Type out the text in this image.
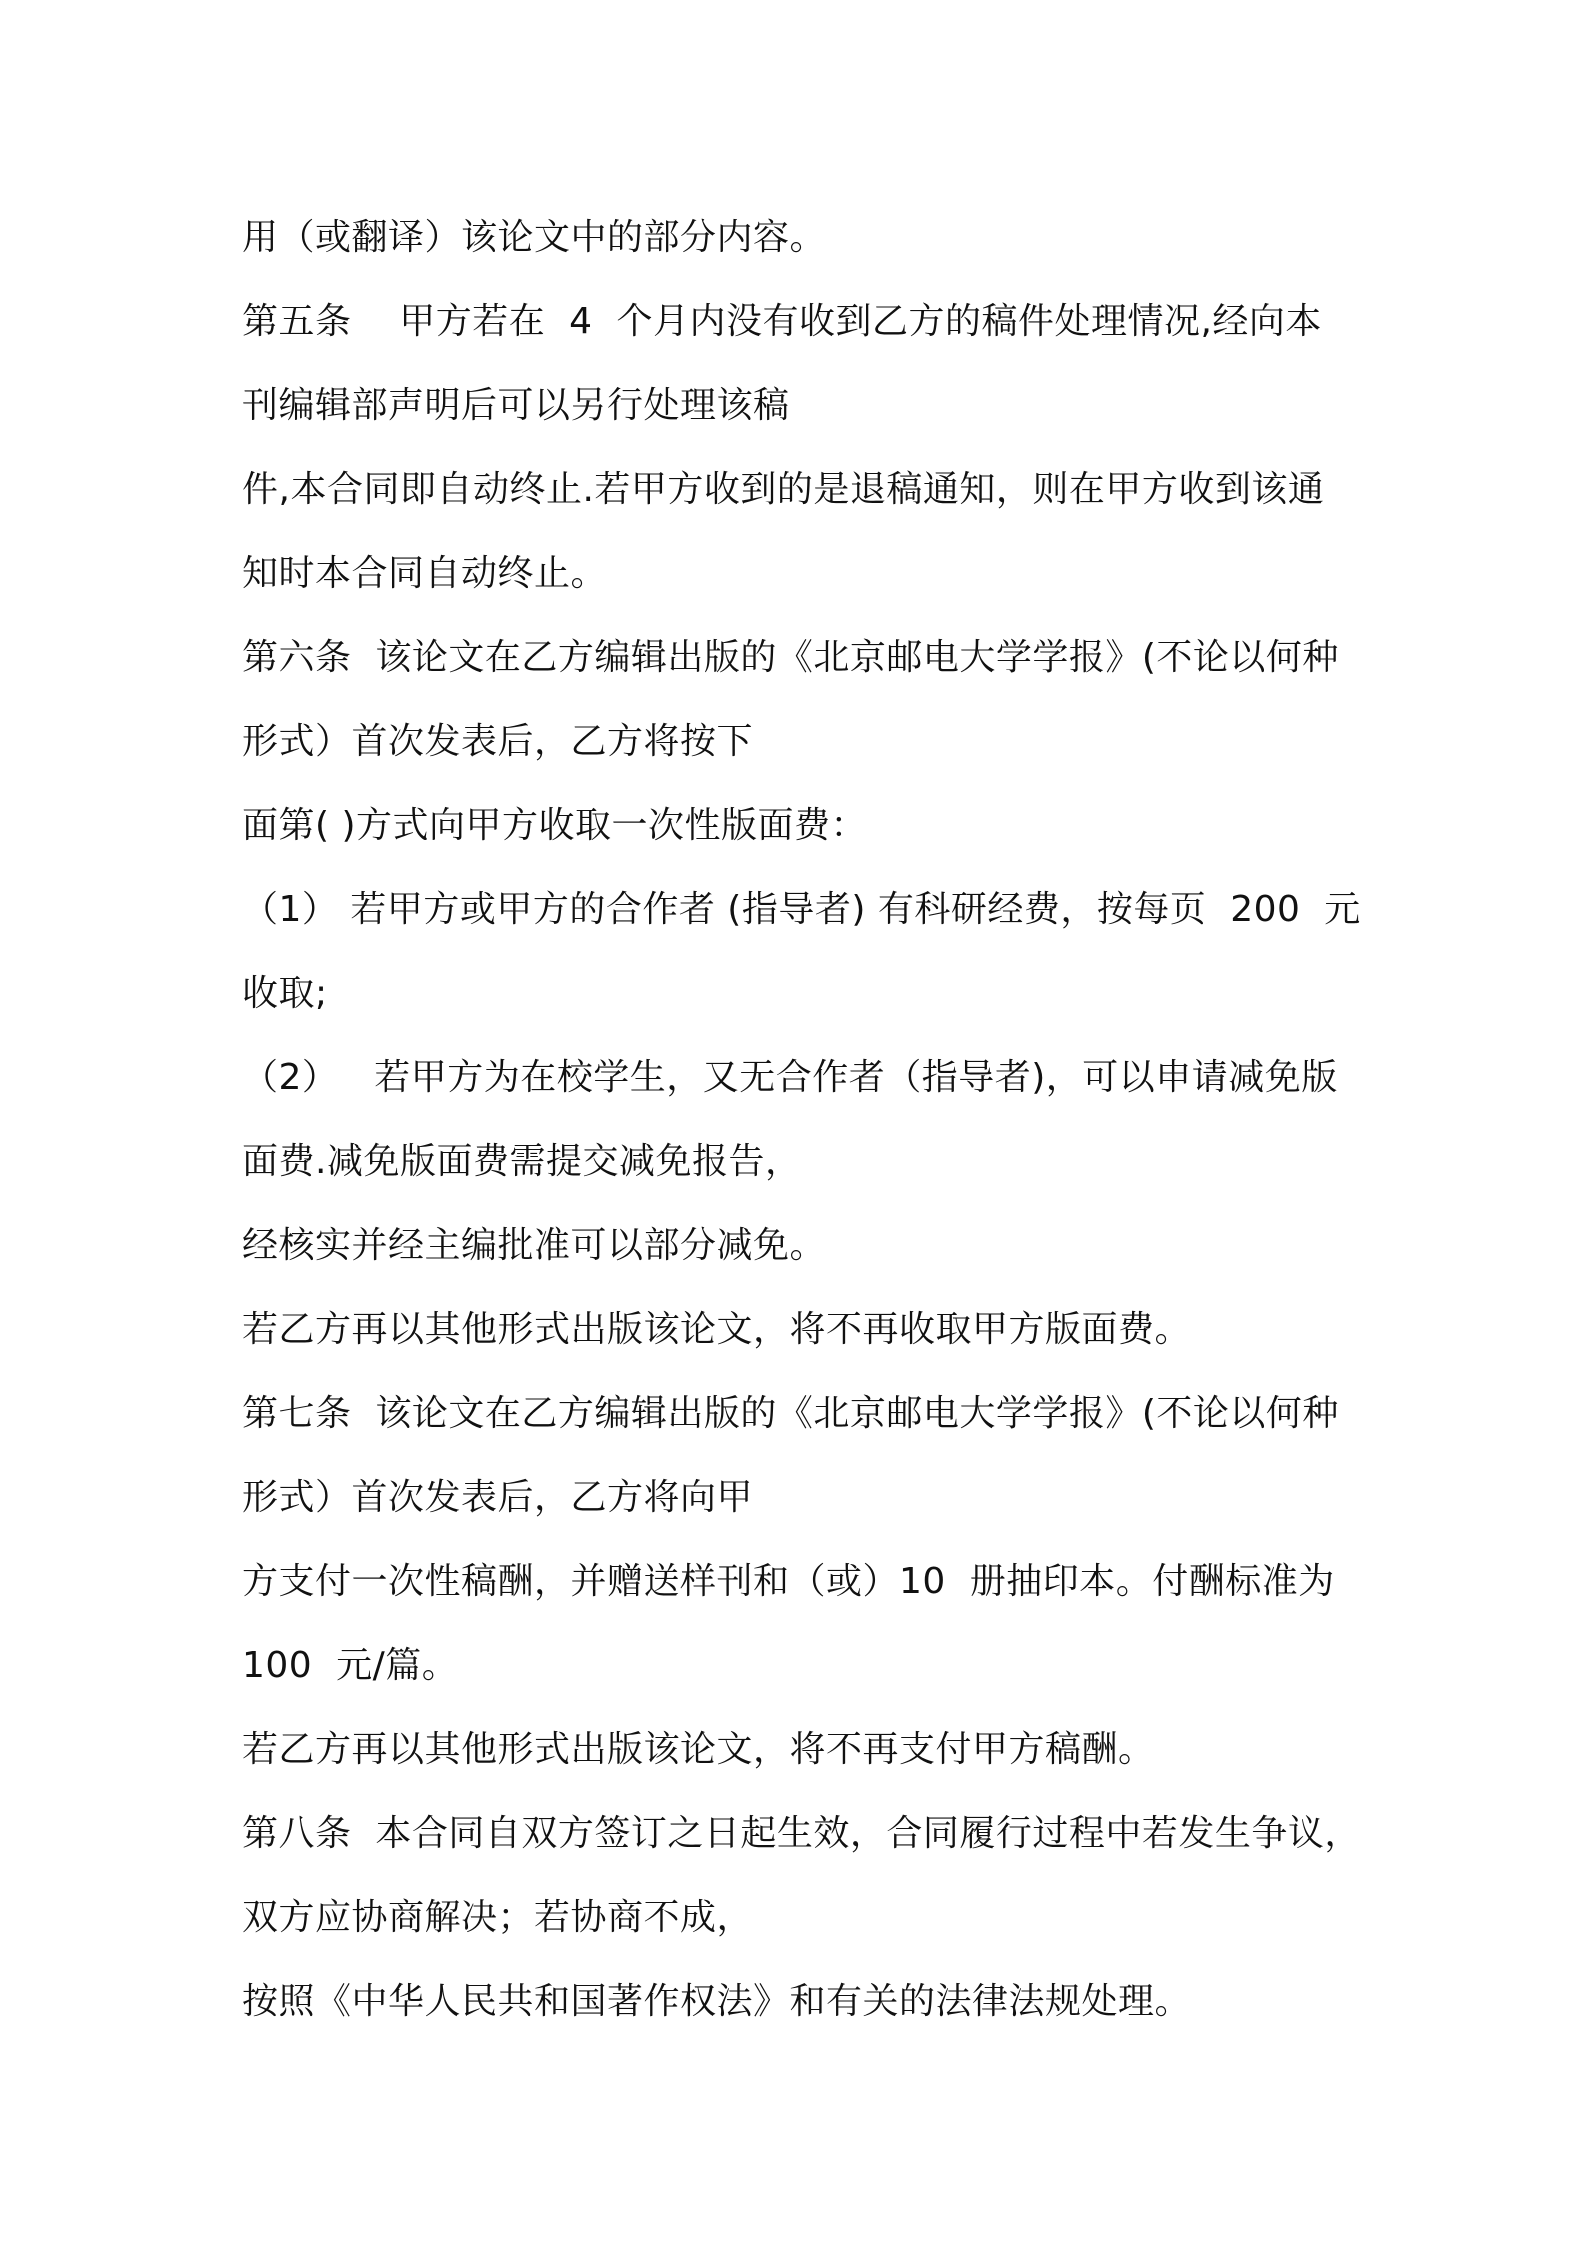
用（或翻译）该论文中的部分内容。

第五条    甲方若在  4  个月内没有收到乙方的稿件处理情况,经向本

刊编辑部声明后可以另行处理该稿

件,本合同即自动终止.若甲方收到的是退稿通知，则在甲方收到该通

知时本合同自动终止。

第六条  该论文在乙方编辑出版的《北京邮电大学学报》(不论以何种

形式）首次发表后，乙方将按下

面第( )方式向甲方收取一次性版面费：

（1） 若甲方或甲方的合作者 (指导者) 有科研经费，按每页  200  元

收取;

（2）   若甲方为在校学生，又无合作者（指导者)，可以申请减免版

面费.减免版面费需提交减免报告，

经核实并经主编批准可以部分减免。

若乙方再以其他形式出版该论文，将不再收取甲方版面费。

第七条  该论文在乙方编辑出版的《北京邮电大学学报》(不论以何种

形式）首次发表后，乙方将向甲

方支付一次性稿酬，并赠送样刊和（或）10  册抽印本。付酬标准为

100  元/篇。

若乙方再以其他形式出版该论文，将不再支付甲方稿酬。

第八条  本合同自双方签订之日起生效，合同履行过程中若发生争议，

双方应协商解决；若协商不成，

按照《中华人民共和国著作权法》和有关的法律法规处理。
